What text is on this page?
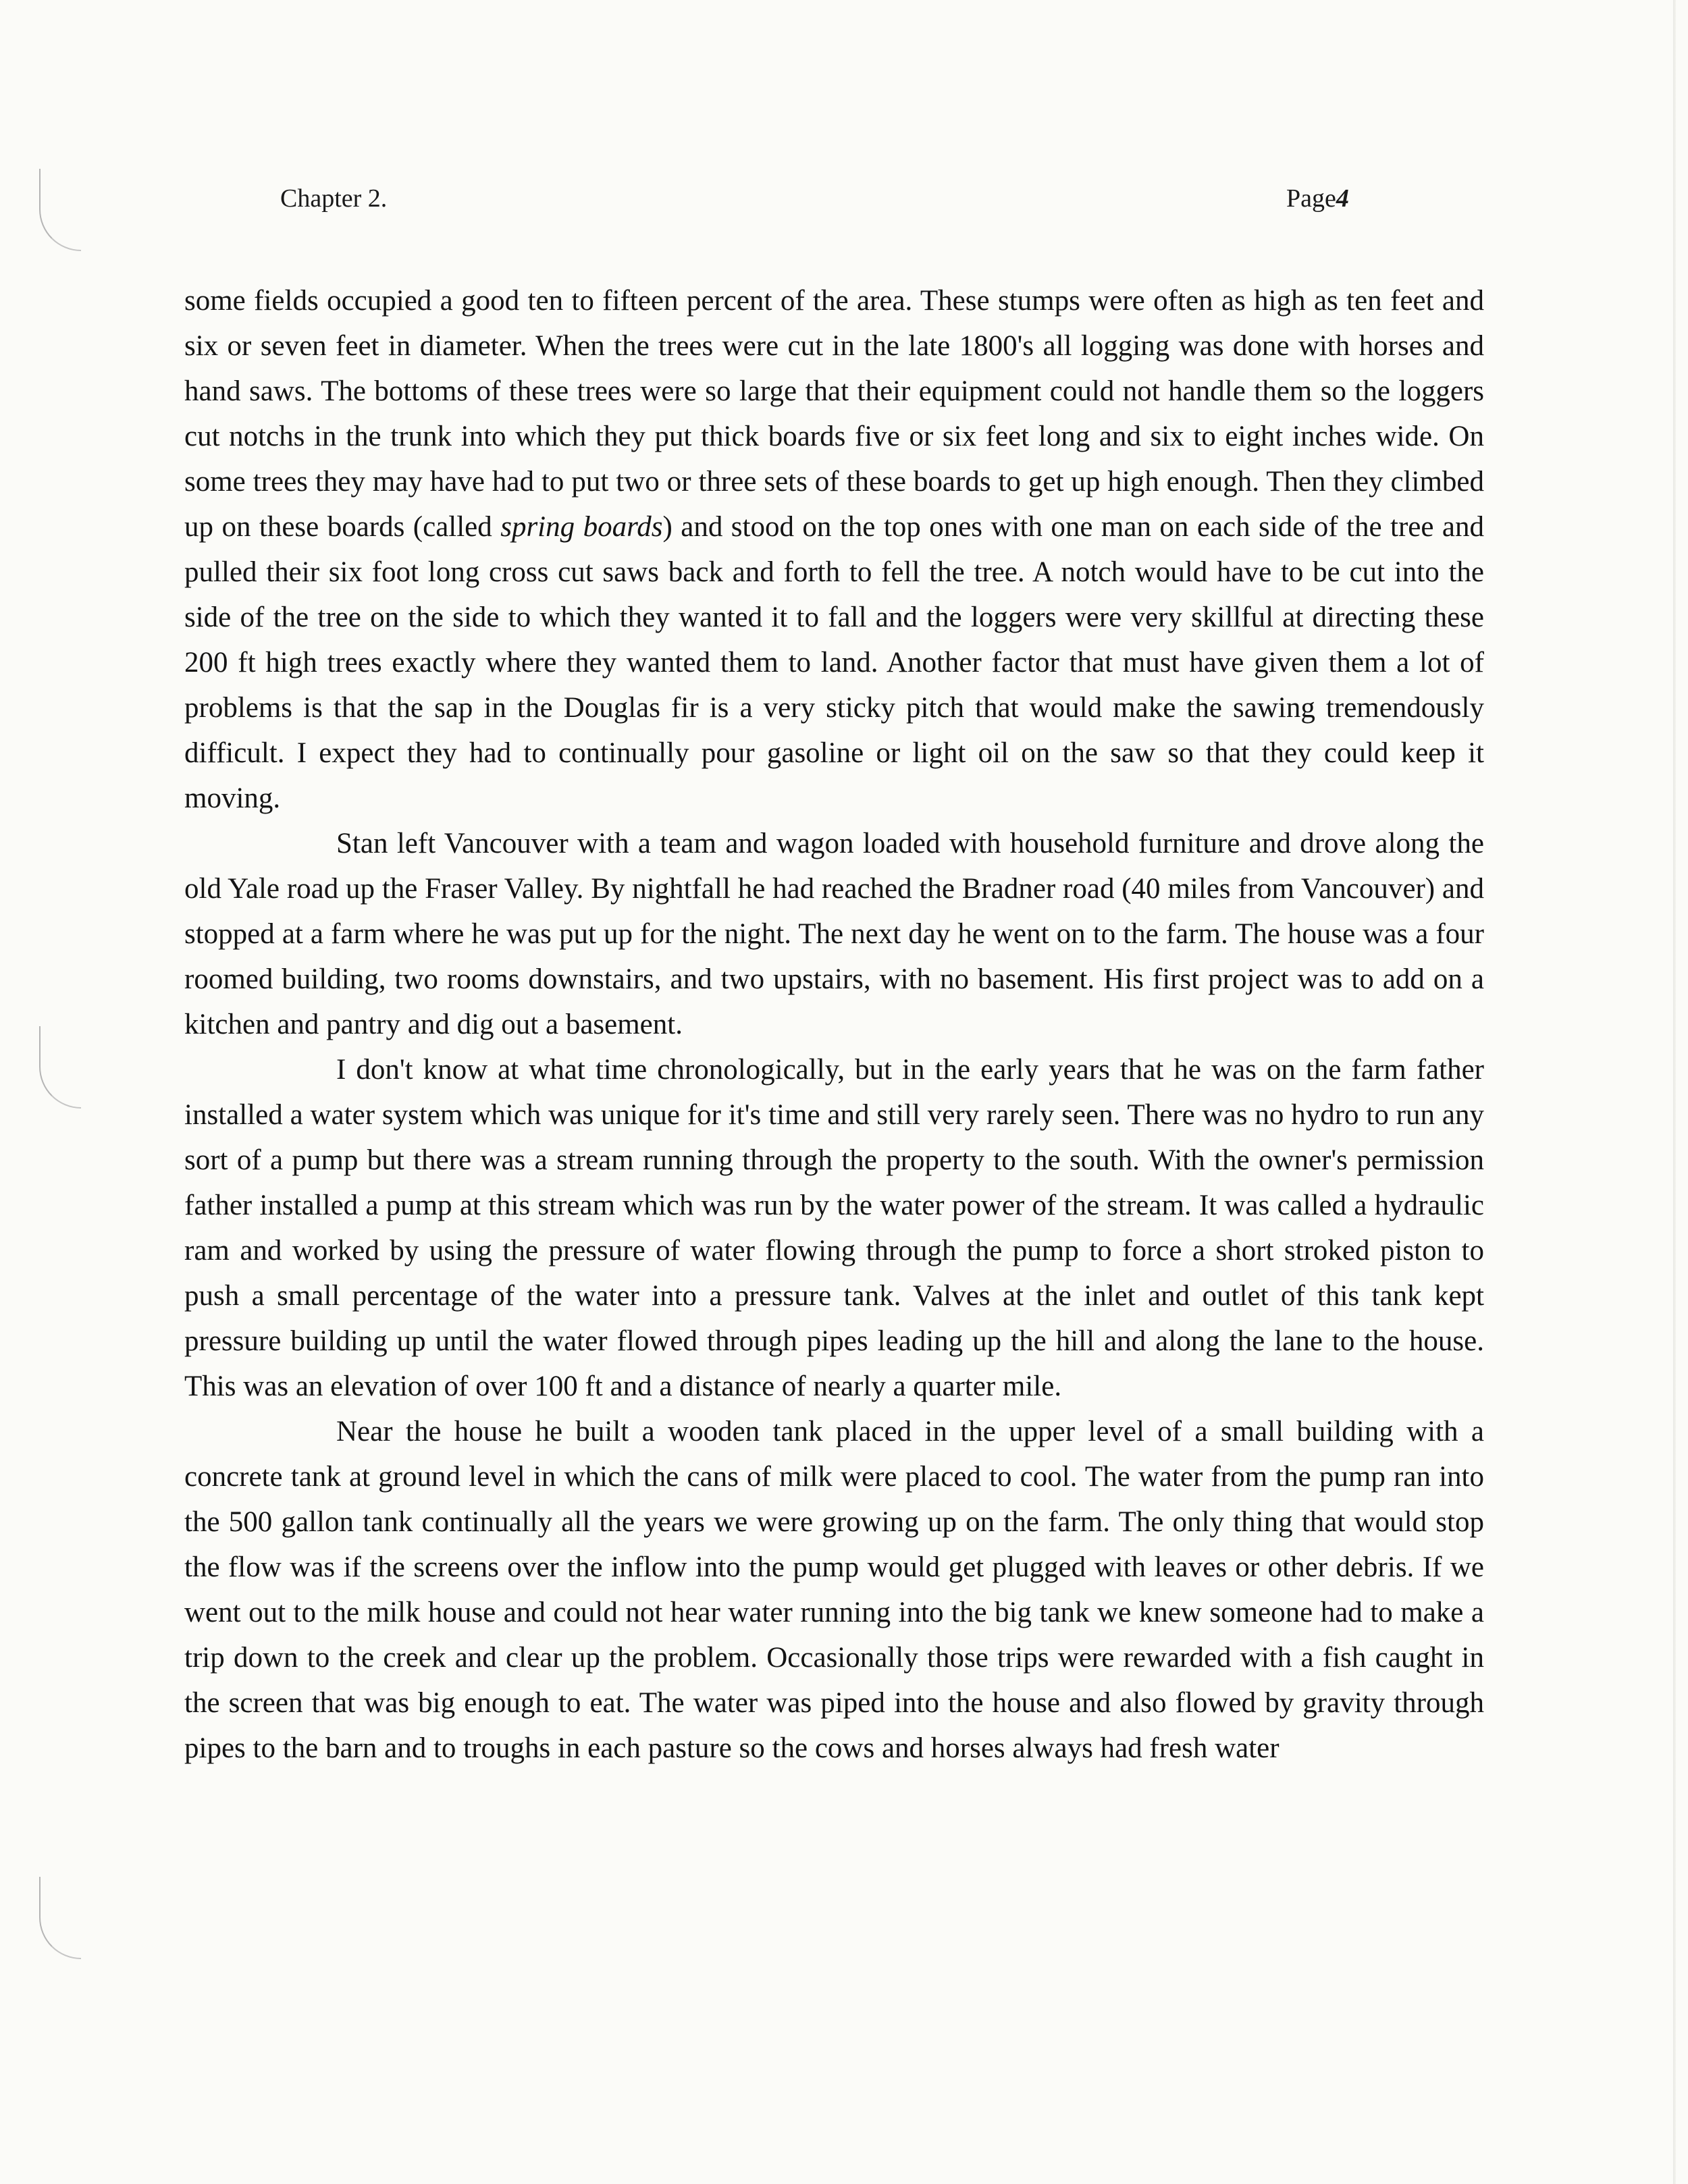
Chapter 2.	Page4

some fields occupied a good ten to fifteen percent of the area. These stumps were often as high as ten feet and six or seven feet in diameter. When the trees were cut in the late 1800's all logging was done with horses and hand saws. The bottoms of these trees were so large that their equipment could not handle them so the loggers cut notchs in the trunk into which they put thick boards five or six feet long and six to eight inches wide. On some trees they may have had to put two or three sets of these boards to get up high enough. Then they climbed up on these boards (called spring boards) and stood on the top ones with one man on each side of the tree and pulled their six foot long cross cut saws back and forth to fell the tree. A notch would have to be cut into the side of the tree on the side to which they wanted it to fall and the loggers were very skillful at directing these 200 ft high trees exactly where they wanted them to land. Another factor that must have given them a lot of problems is that the sap in the Douglas fir is a very sticky pitch that would make the sawing tremendously difficult. I expect they had to continually pour gasoline or light oil on the saw so that they could keep it moving.

Stan left Vancouver with a team and wagon loaded with household furniture and drove along the old Yale road up the Fraser Valley. By nightfall he had reached the Bradner road (40 miles from Vancouver) and stopped at a farm where he was put up for the night. The next day he went on to the farm. The house was a four roomed building, two rooms downstairs, and two upstairs, with no basement. His first project was to add on a kitchen and pantry and dig out a basement.

I don't know at what time chronologically, but in the early years that he was on the farm father installed a water system which was unique for it's time and still very rarely seen. There was no hydro to run any sort of a pump but there was a stream running through the property to the south. With the owner's permission father installed a pump at this stream which was run by the water power of the stream. It was called a hydraulic ram and worked by using the pressure of water flowing through the pump to force a short stroked piston to push a small percentage of the water into a pressure tank. Valves at the inlet and outlet of this tank kept pressure building up until the water flowed through pipes leading up the hill and along the lane to the house. This was an elevation of over 100 ft and a distance of nearly a quarter mile.

Near the house he built a wooden tank placed in the upper level of a small building with a concrete tank at ground level in which the cans of milk were placed to cool. The water from the pump ran into the 500 gallon tank continually all the years we were growing up on the farm. The only thing that would stop the flow was if the screens over the inflow into the pump would get plugged with leaves or other debris. If we went out to the milk house and could not hear water running into the big tank we knew someone had to make a trip down to the creek and clear up the problem. Occasionally those trips were rewarded with a fish caught in the screen that was big enough to eat. The water was piped into the house and also flowed by gravity through pipes to the barn and to troughs in each pasture so the cows and horses always had fresh water
